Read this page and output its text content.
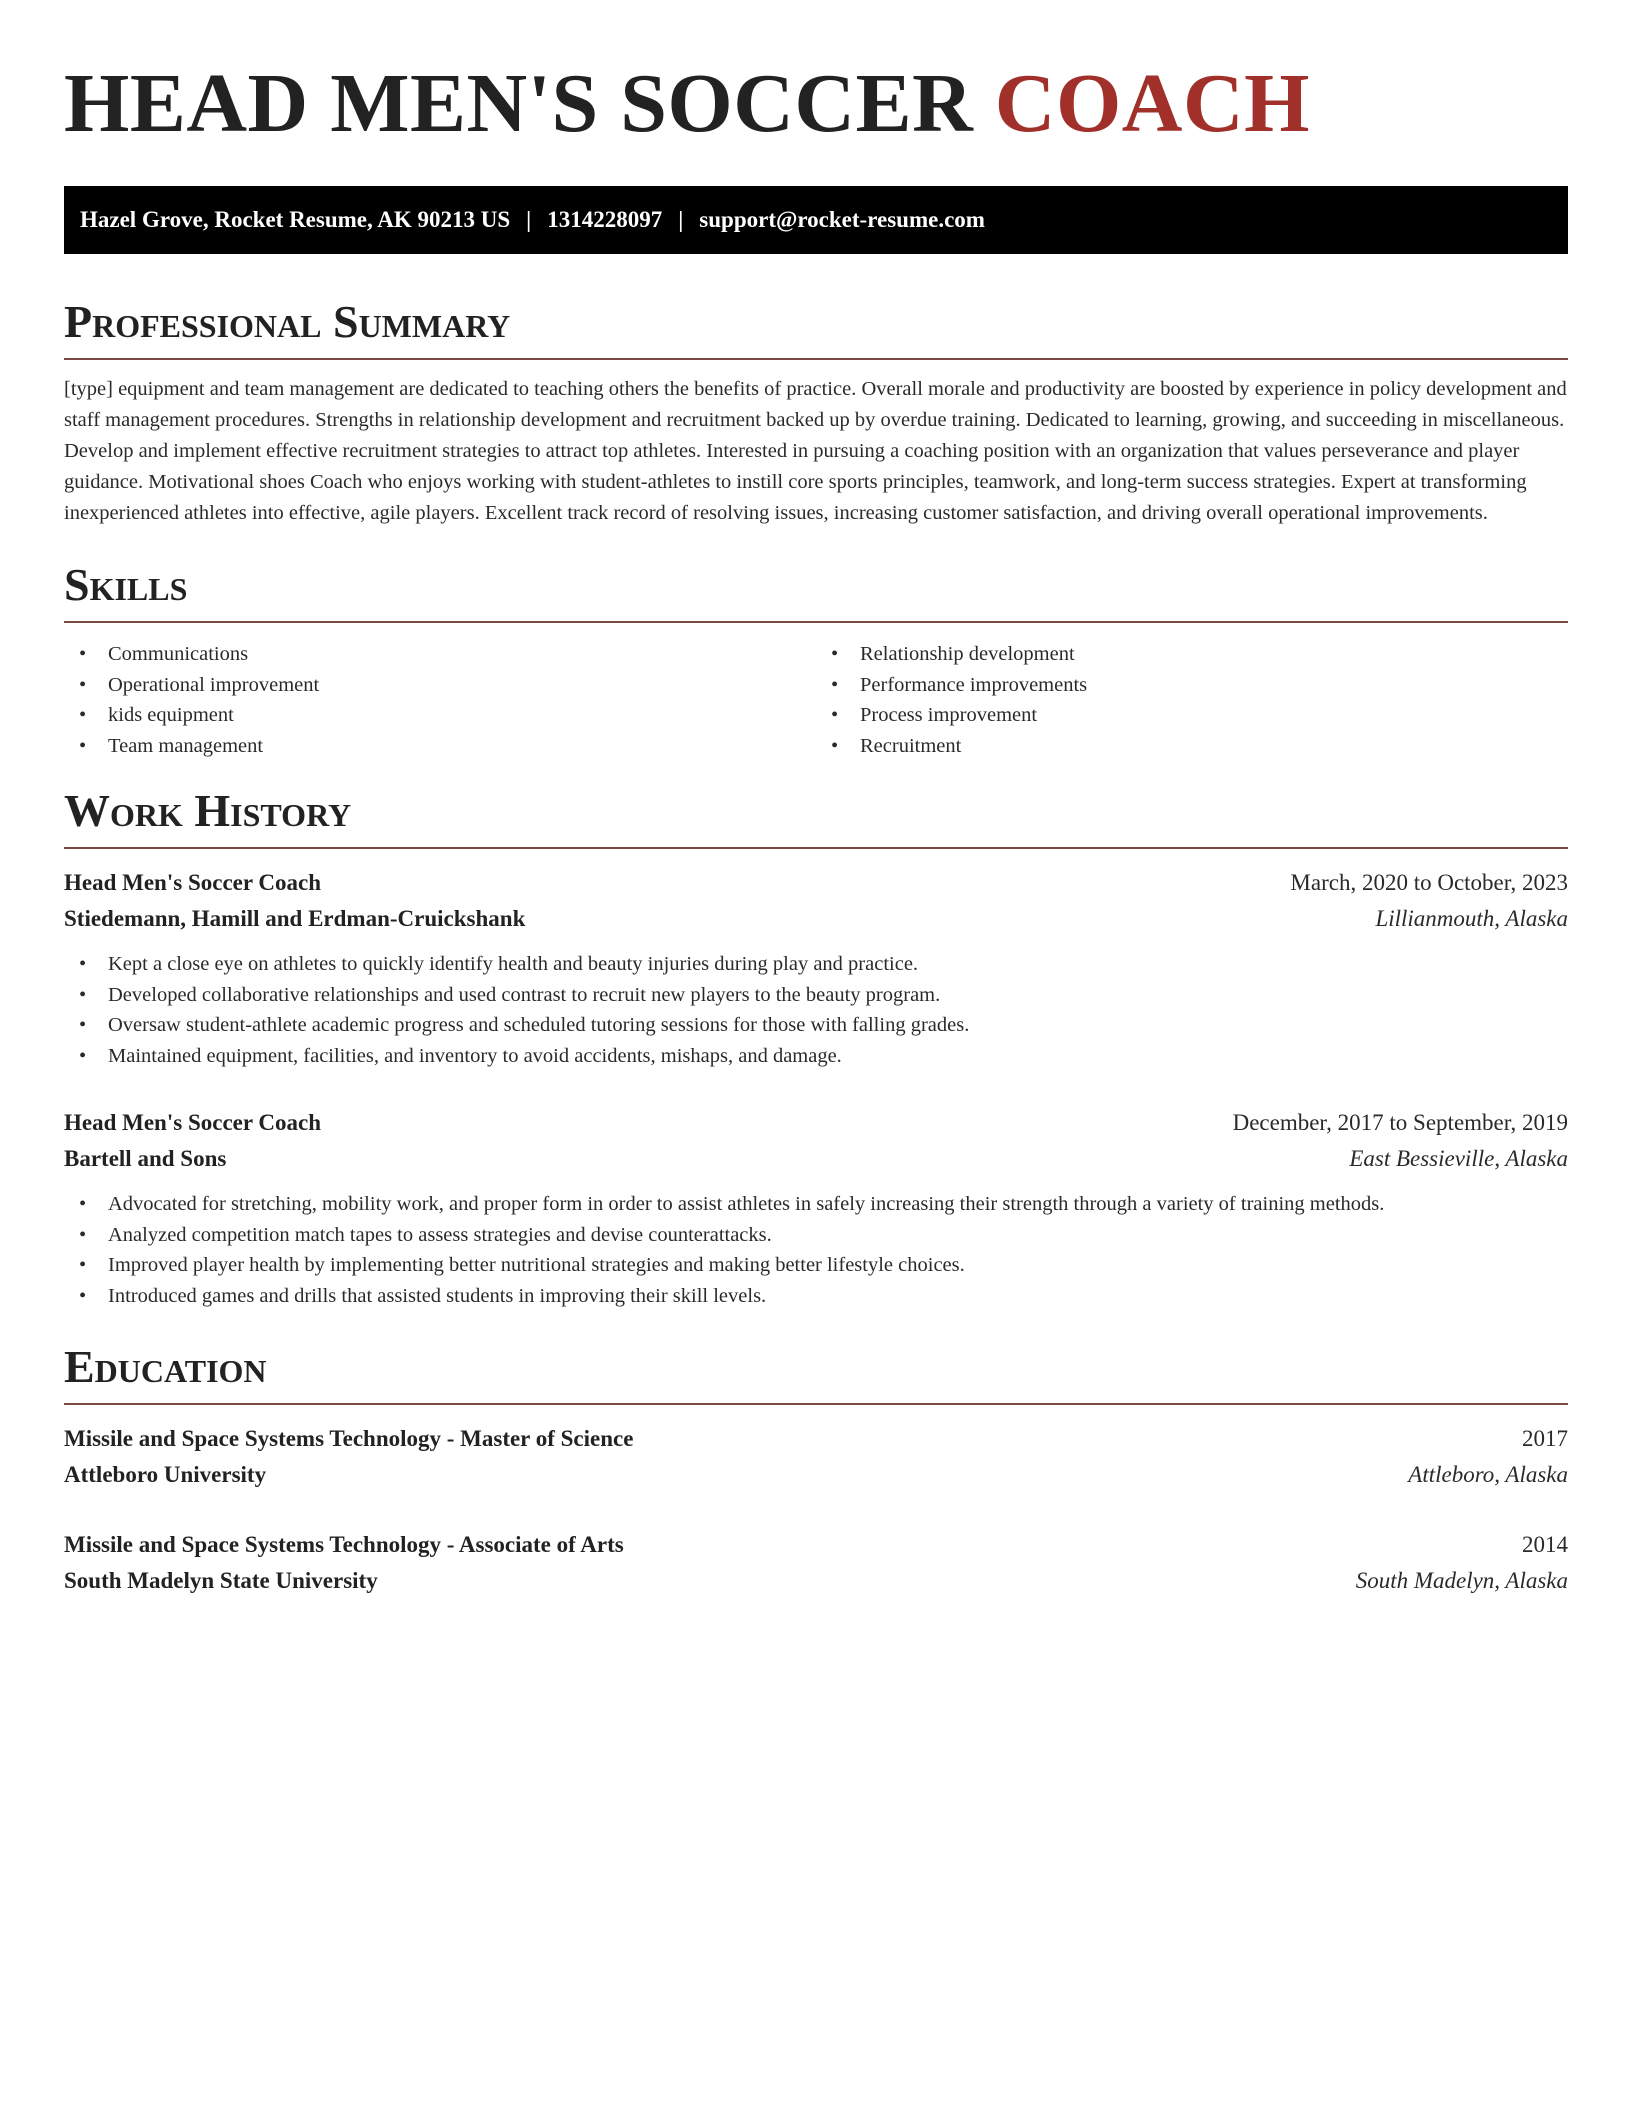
HEAD MEN'S SOCCER COACH
Hazel Grove, Rocket Resume, AK 90213 US | 1314228097 | support@rocket-resume.com
Professional Summary

[type] equipment and team management are dedicated to teaching others the benefits of practice. Overall morale and productivity are boosted by experience in policy development and staff management procedures. Strengths in relationship development and recruitment backed up by overdue training. Dedicated to learning, growing, and succeeding in miscellaneous. Develop and implement effective recruitment strategies to attract top athletes. Interested in pursuing a coaching position with an organization that values perseverance and player guidance. Motivational shoes Coach who enjoys working with student-athletes to instill core sports principles, teamwork, and long-term success strategies. Expert at transforming inexperienced athletes into effective, agile players. Excellent track record of resolving issues, increasing customer satisfaction, and driving overall operational improvements.

Skills
• Communications
• Operational improvement
• kids equipment
• Team management
• Relationship development
• Performance improvements
• Process improvement
• Recruitment
Work History
Head Men's Soccer Coach	March, 2020 to October, 2023
Stiedemann, Hamill and Erdman-Cruickshank	Lillianmouth, Alaska
• Kept a close eye on athletes to quickly identify health and beauty injuries during play and practice.
• Developed collaborative relationships and used contrast to recruit new players to the beauty program.
• Oversaw student-athlete academic progress and scheduled tutoring sessions for those with falling grades.
• Maintained equipment, facilities, and inventory to avoid accidents, mishaps, and damage.
Head Men's Soccer Coach	December, 2017 to September, 2019
Bartell and Sons	East Bessieville, Alaska
• Advocated for stretching, mobility work, and proper form in order to assist athletes in safely increasing their strength through a variety of training methods.
• Analyzed competition match tapes to assess strategies and devise counterattacks.
• Improved player health by implementing better nutritional strategies and making better lifestyle choices.
• Introduced games and drills that assisted students in improving their skill levels.
Education
Missile and Space Systems Technology - Master of Science	2017
Attleboro University	Attleboro, Alaska
Missile and Space Systems Technology - Associate of Arts	2014
South Madelyn State University	South Madelyn, Alaska
